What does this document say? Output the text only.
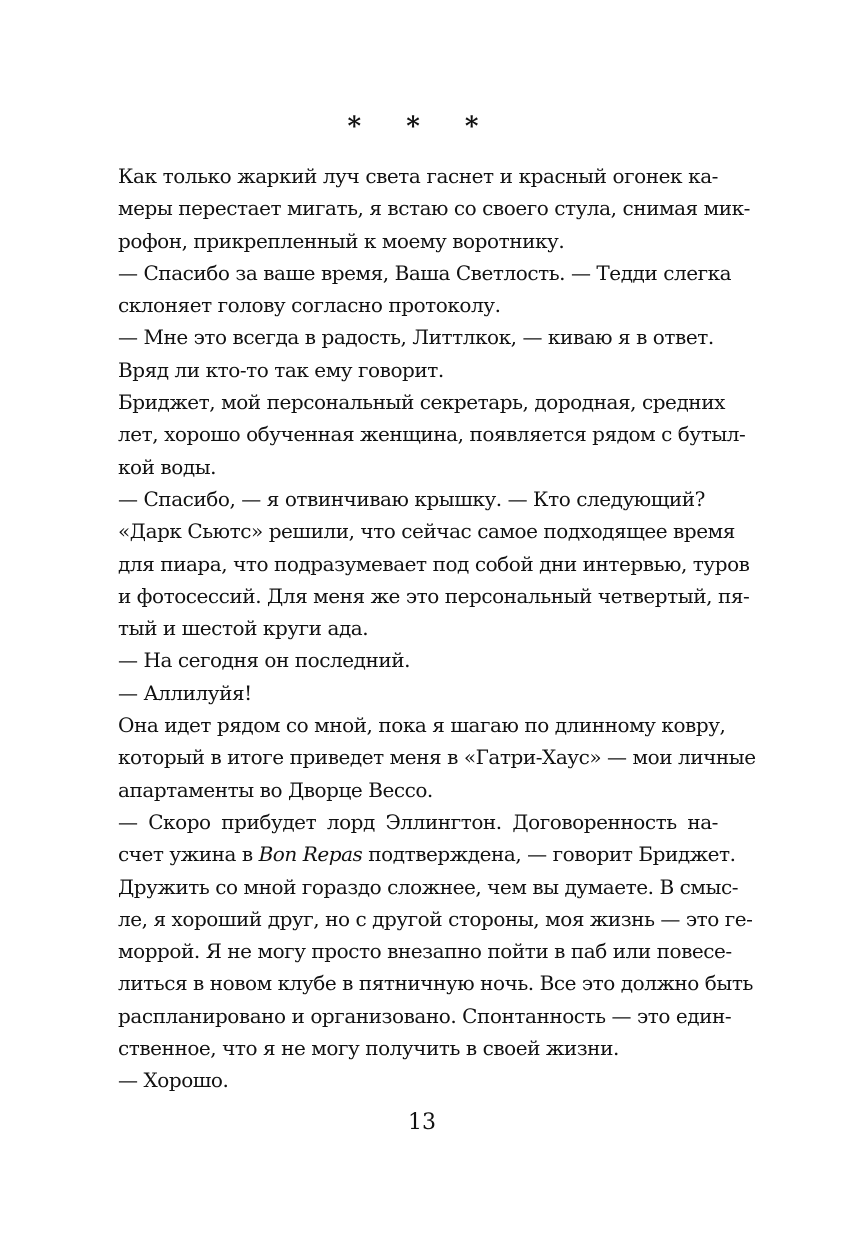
* * *
Как только жаркий луч света гаснет и красный огонек ка-
меры перестает мигать, я встаю со своего стула, снимая мик-
рофон, прикрепленный к моему воротнику.
— Спасибо за ваше время, Ваша Светлость. — Тедди слегка
склоняет голову согласно протоколу.
— Мне это всегда в радость, Литтлкок, — киваю я в ответ.
Вряд ли кто-то так ему говорит.
Бриджет, мой персональный секретарь, дородная, средних
лет, хорошо обученная женщина, появляется рядом с бутыл-
кой воды.
— Спасибо, — я отвинчиваю крышку. — Кто следующий?
«Дарк Сьютс» решили, что сейчас самое подходящее время
для пиара, что подразумевает под собой дни интервью, туров
и фотосессий. Для меня же это персональный четвертый, пя-
тый и шестой круги ада.
— На сегодня он последний.
— Аллилуйя!
Она идет рядом со мной, пока я шагаю по длинному ковру,
который в итоге приведет меня в «Гатри-Хаус» — мои личные
апартаменты во Дворце Вессо.
— Скоро прибудет лорд Эллингтон. Договоренность на-
счет ужина в Bon Repas подтверждена, — говорит Бриджет.
Дружить со мной гораздо сложнее, чем вы думаете. В смыс-
ле, я хороший друг, но с другой стороны, моя жизнь — это ге-
моррой. Я не могу просто внезапно пойти в паб или повесе-
литься в новом клубе в пятничную ночь. Все это должно быть
распланировано и организовано. Спонтанность — это един-
ственное, что я не могу получить в своей жизни.
— Хорошо.
13
